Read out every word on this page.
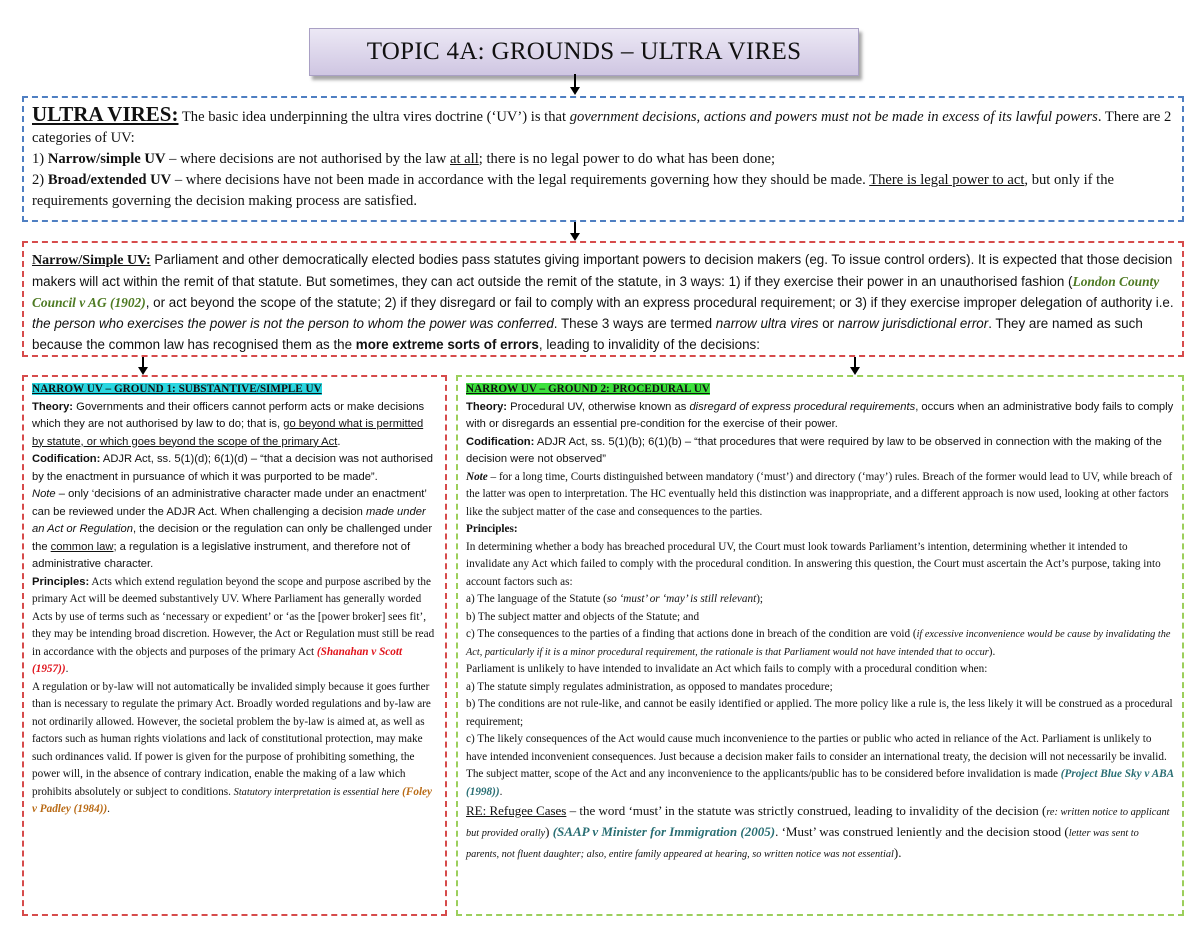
TOPIC 4A: GROUNDS – ULTRA VIRES

ULTRA VIRES: The basic idea underpinning the ultra vires doctrine (‘UV’) is that government decisions, actions and powers must not be made in excess of its lawful powers. There are 2 categories of UV:

1) Narrow/simple UV – where decisions are not authorised by the law at all; there is no legal power to do what has been done;

2) Broad/extended UV – where decisions have not been made in accordance with the legal requirements governing how they should be made. There is legal power to act, but only if the requirements governing the decision making process are satisfied.

Narrow/Simple UV: Parliament and other democratically elected bodies pass statutes giving important powers to decision makers (eg. To issue control orders). It is expected that those decision makers will act within the remit of that statute. But sometimes, they can act outside the remit of the statute, in 3 ways: 1) if they exercise their power in an unauthorised fashion (London County Council v AG (1902), or act beyond the scope of the statute; 2) if they disregard or fail to comply with an express procedural requirement; or 3) if they exercise improper delegation of authority i.e. the person who exercises the power is not the person to whom the power was conferred. These 3 ways are termed narrow ultra vires or narrow jurisdictional error. They are named as such because the common law has recognised them as the more extreme sorts of errors, leading to invalidity of the decisions:

NARROW UV – GROUND 1: SUBSTANTIVE/SIMPLE UV

Theory: Governments and their officers cannot perform acts or make decisions which they are not authorised by law to do; that is, go beyond what is permitted by statute, or which goes beyond the scope of the primary Act.

Codification: ADJR Act, ss. 5(1)(d); 6(1)(d) – “that a decision was not authorised by the enactment in pursuance of which it was purported to be made”.

Note – only ‘decisions of an administrative character made under an enactment’ can be reviewed under the ADJR Act. When challenging a decision made under an Act or Regulation, the decision or the regulation can only be challenged under the common law; a regulation is a legislative instrument, and therefore not of administrative character.

Principles: Acts which extend regulation beyond the scope and purpose ascribed by the primary Act will be deemed substantively UV. Where Parliament has generally worded Acts by use of terms such as ‘necessary or expedient’ or ‘as the [power broker] sees fit’, they may be intending broad discretion. However, the Act or Regulation must still be read in accordance with the objects and purposes of the primary Act (Shanahan v Scott (1957)).

A regulation or by-law will not automatically be invalided simply because it goes further than is necessary to regulate the primary Act. Broadly worded regulations and by-law are not ordinarily allowed. However, the societal problem the by-law is aimed at, as well as factors such as human rights violations and lack of constitutional protection, may make such ordinances valid. If power is given for the purpose of prohibiting something, the power will, in the absence of contrary indication, enable the making of a law which prohibits absolutely or subject to conditions. Statutory interpretation is essential here (Foley v Padley (1984)).

NARROW UV – GROUND 2: PROCEDURAL UV

Theory: Procedural UV, otherwise known as disregard of express procedural requirements, occurs when an administrative body fails to comply with or disregards an essential pre-condition for the exercise of their power.

Codification: ADJR Act, ss. 5(1)(b); 6(1)(b) – “that procedures that were required by law to be observed in connection with the making of the decision were not observed”

Note – for a long time, Courts distinguished between mandatory (‘must’) and directory (‘may’) rules. Breach of the former would lead to UV, while breach of the latter was open to interpretation. The HC eventually held this distinction was inappropriate, and a different approach is now used, looking at other factors like the subject matter of the case and consequences to the parties.

Principles:

In determining whether a body has breached procedural UV, the Court must look towards Parliament’s intention, determining whether it intended to invalidate any Act which failed to comply with the procedural condition. In answering this question, the Court must ascertain the Act’s purpose, taking into account factors such as:

a) The language of the Statute (so ‘must’ or ‘may’ is still relevant);

b) The subject matter and objects of the Statute; and

c) The consequences to the parties of a finding that actions done in breach of the condition are void (if excessive inconvenience would be cause by invalidating the Act, particularly if it is a minor procedural requirement, the rationale is that Parliament would not have intended that to occur).

Parliament is unlikely to have intended to invalidate an Act which fails to comply with a procedural condition when:

a) The statute simply regulates administration, as opposed to mandates procedure;

b) The conditions are not rule-like, and cannot be easily identified or applied. The more policy like a rule is, the less likely it will be construed as a procedural requirement;

c) The likely consequences of the Act would cause much inconvenience to the parties or public who acted in reliance of the Act. Parliament is unlikely to have intended inconvenient consequences. Just because a decision maker fails to consider an international treaty, the decision will not necessarily be invalid. The subject matter, scope of the Act and any inconvenience to the applicants/public has to be considered before invalidation is made (Project Blue Sky v ABA (1998)).

RE: Refugee Cases – the word ‘must’ in the statute was strictly construed, leading to invalidity of the decision (re: written notice to applicant but provided orally) (SAAP v Minister for Immigration (2005). ‘Must’ was construed leniently and the decision stood (letter was sent to parents, not fluent daughter; also, entire family appeared at hearing, so written notice was not essential).
